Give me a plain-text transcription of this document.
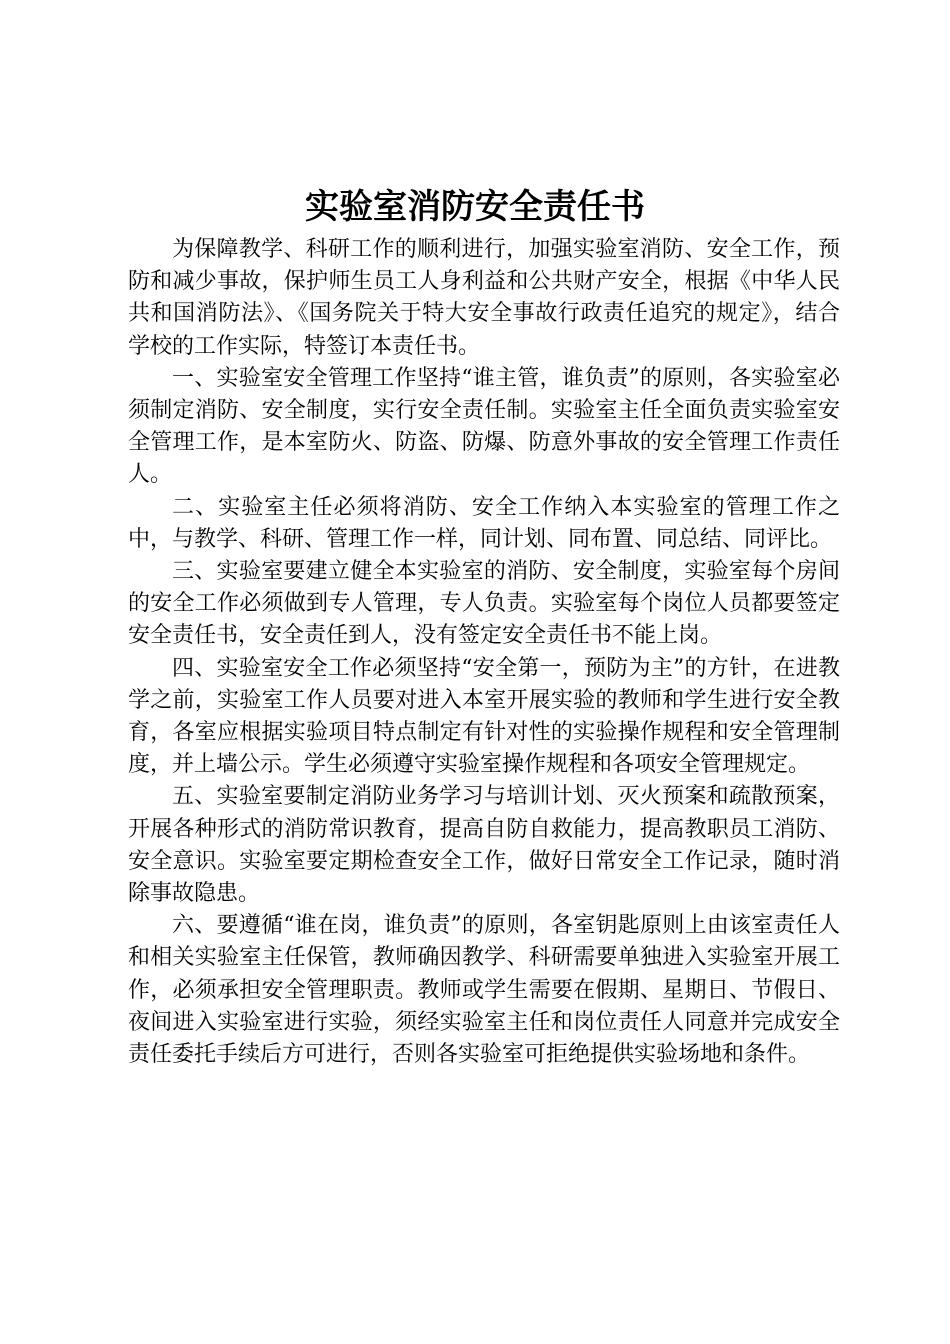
实验室消防安全责任书

为保障教学、科研工作的顺利进行，加强实验室消防、安全工作，预防和减少事故，保护师生员工人身利益和公共财产安全，根据《中华人民共和国消防法》、《国务院关于特大安全事故行政责任追究的规定》，结合学校的工作实际，特签订本责任书。

一、实验室安全管理工作坚持“谁主管，谁负责”的原则，各实验室必须制定消防、安全制度，实行安全责任制。实验室主任全面负责实验室安全管理工作，是本室防火、防盗、防爆、防意外事故的安全管理工作责任人。

二、实验室主任必须将消防、安全工作纳入本实验室的管理工作之中，与教学、科研、管理工作一样，同计划、同布置、同总结、同评比。

三、实验室要建立健全本实验室的消防、安全制度，实验室每个房间的安全工作必须做到专人管理，专人负责。实验室每个岗位人员都要签定安全责任书，安全责任到人，没有签定安全责任书不能上岗。

四、实验室安全工作必须坚持“安全第一，预防为主”的方针，在进教学之前，实验室工作人员要对进入本室开展实验的教师和学生进行安全教育，各室应根据实验项目特点制定有针对性的实验操作规程和安全管理制度，并上墙公示。学生必须遵守实验室操作规程和各项安全管理规定。

五、实验室要制定消防业务学习与培训计划、灭火预案和疏散预案，开展各种形式的消防常识教育，提高自防自救能力，提高教职员工消防、安全意识。实验室要定期检查安全工作，做好日常安全工作记录，随时消除事故隐患。

六、要遵循“谁在岗，谁负责”的原则，各室钥匙原则上由该室责任人和相关实验室主任保管，教师确因教学、科研需要单独进入实验室开展工作，必须承担安全管理职责。教师或学生需要在假期、星期日、节假日、夜间进入实验室进行实验，须经实验室主任和岗位责任人同意并完成安全责任委托手续后方可进行，否则各实验室可拒绝提供实验场地和条件。
